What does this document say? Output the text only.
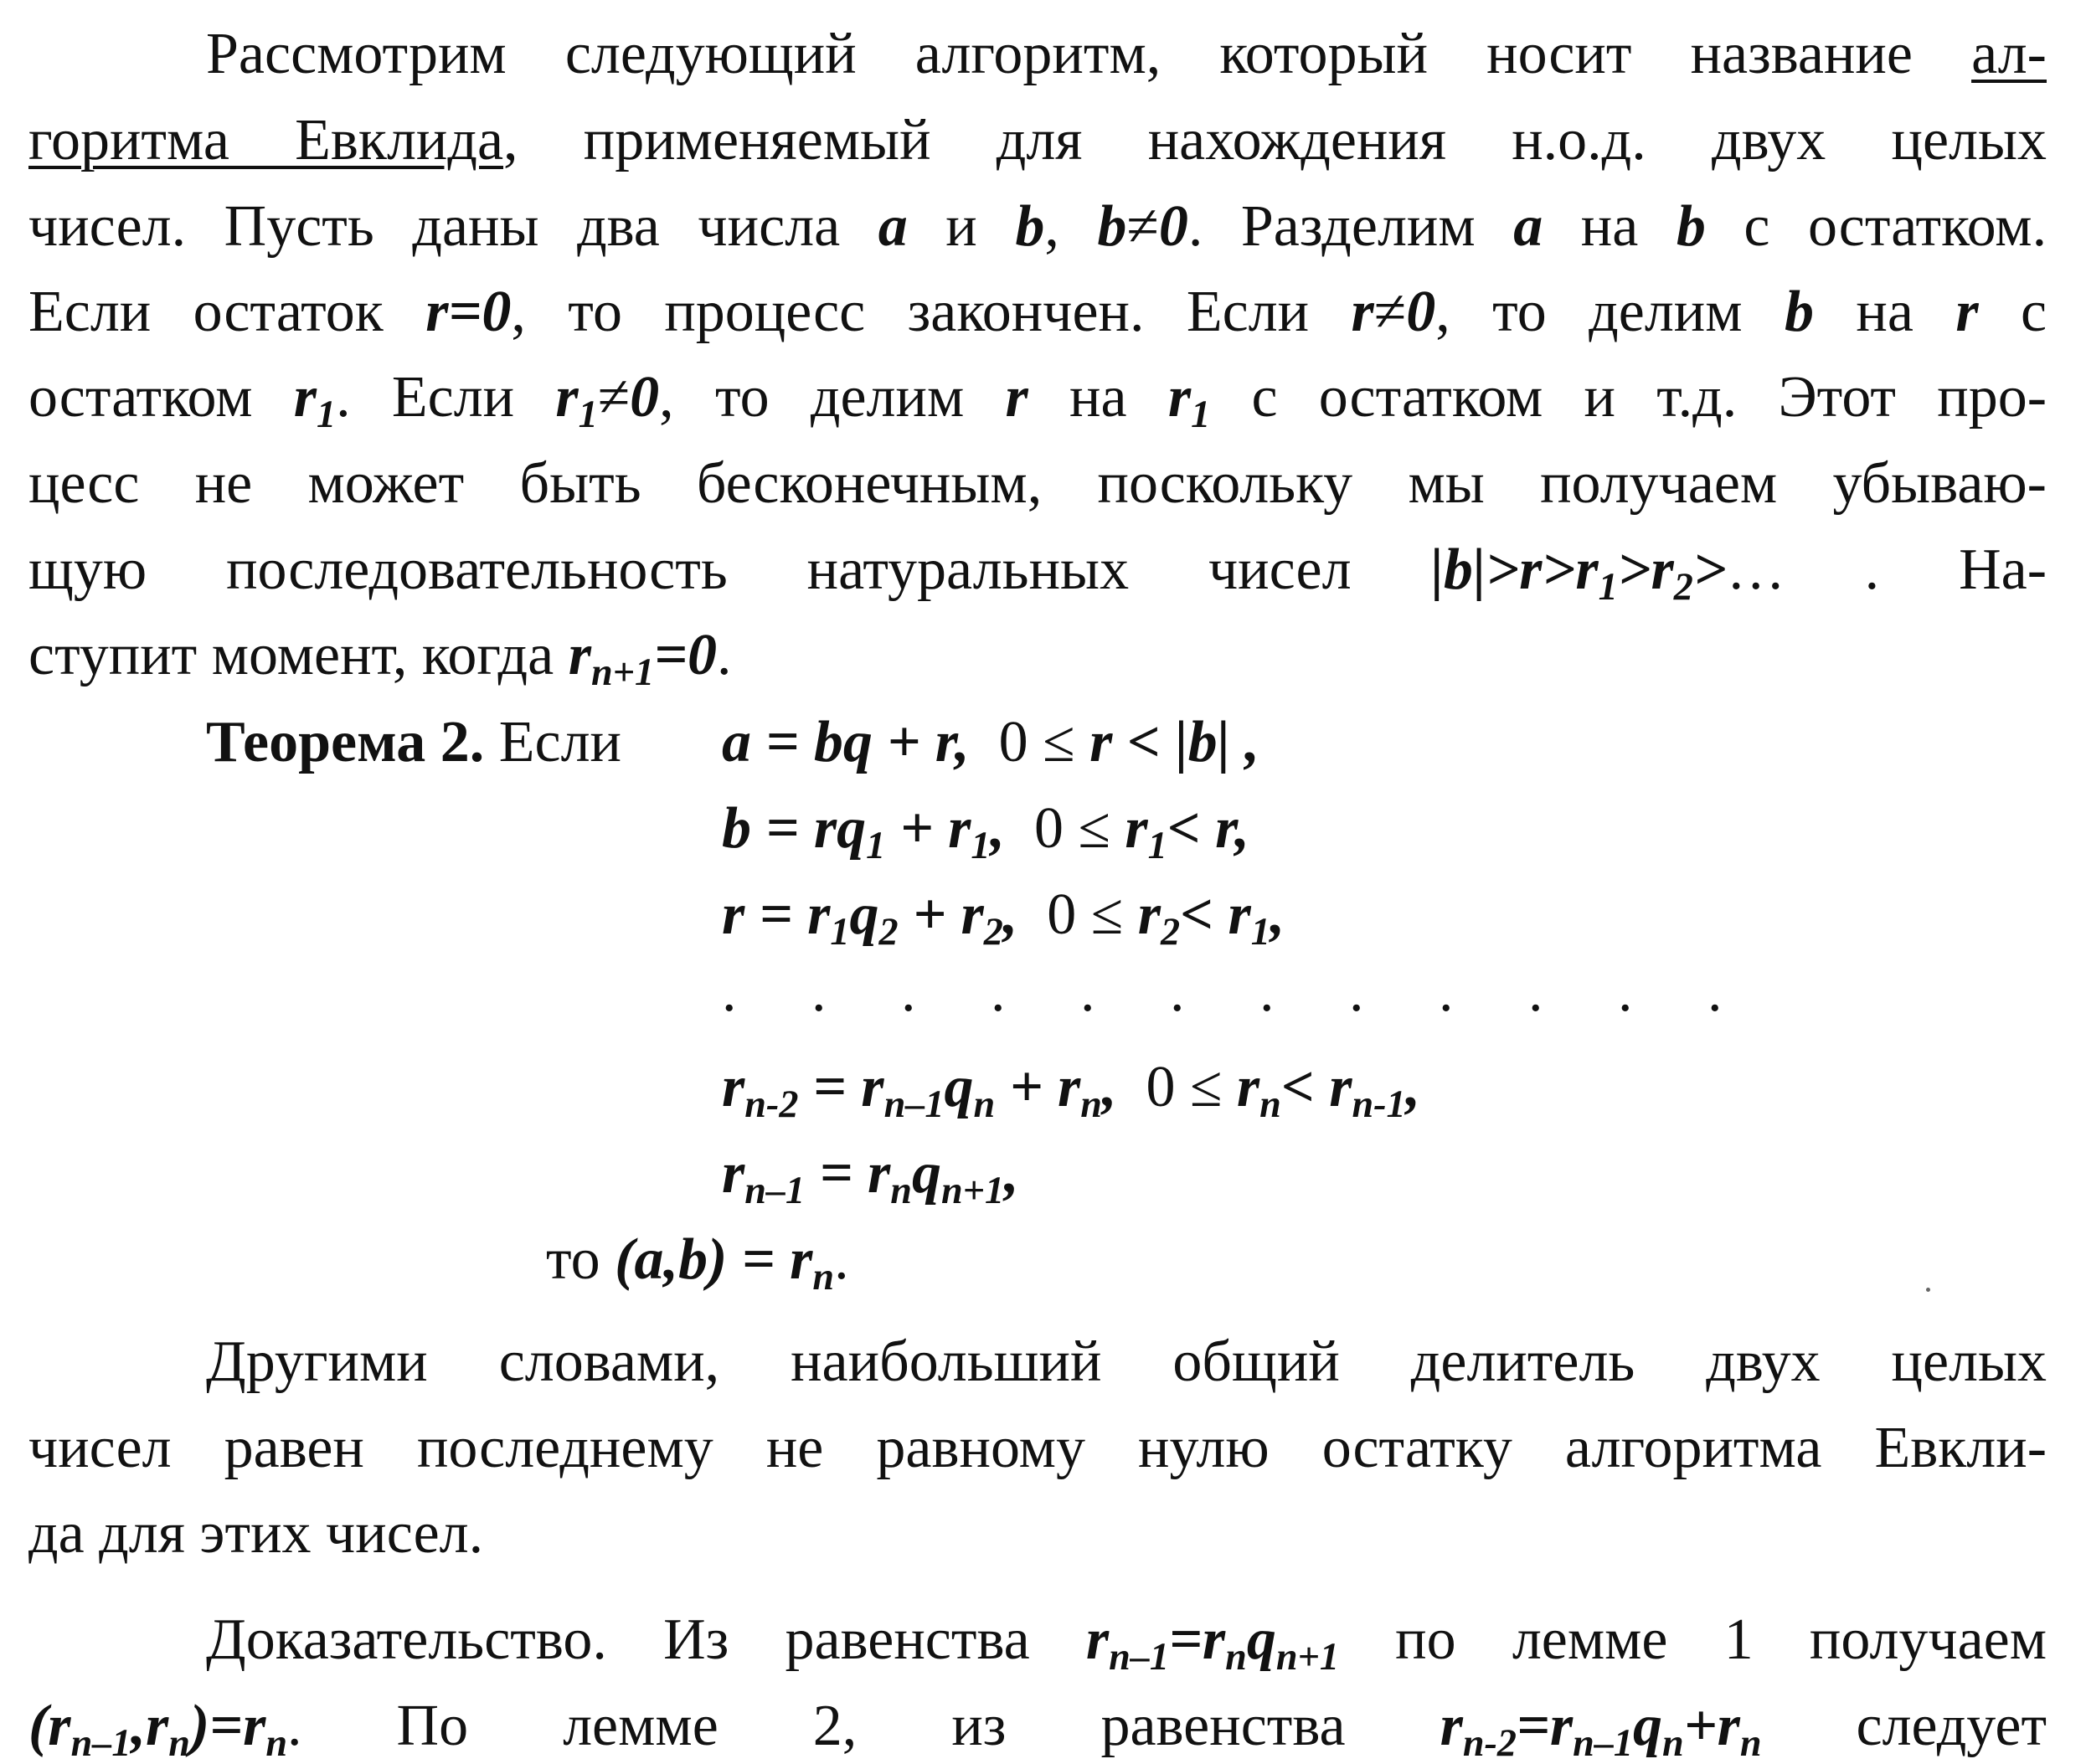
Рассмотрим следующий алгоритм, который носит название ал-
горитма Евклида, применяемый для нахождения н.о.д. двух целых
чисел. Пусть даны два числа a и b, b≠0. Разделим a на b с остатком.
Если остаток r=0, то процесс закончен. Если r≠0, то делим b на r с
остатком $r_1$. Если $r_1\ne 0$, то делим r на $r_1$ с остатком и т.д. Этот про-
цесс не может быть бесконечным, поскольку мы получаем убываю-
щую последовательность натуральных чисел $|b|>r>r_1>r_2>\dots$ . На-
ступит момент, когда $r_{n+1}=0$.
Теорема 2. Если a = bq + r,  0 ≤ r < |b| ,
$b = rq_1 + r_1$,  $0 \le r_1< r$,
$r = r_1q_2 + r_2$,  $0 \le r_2< r_1$,
. . . . . . . . . . . .
$r_{n-2} = r_{n-1}q_n + r_n$,  $0 \le r_n< r_{n-1}$,
$r_{n-1} = r_nq_{n+1}$,
то $(a,b) = r_n$.
Другими словами, наибольший общий делитель двух целых
чисел равен последнему не равному нулю остатку алгоритма Евкли-
да для этих чисел.
Доказательство. Из равенства $r_{n-1}=r_nq_{n+1}$ по лемме 1 получаем
$(r_{n-1},r_n)=r_n$. По лемме 2, из равенства $r_{n-2}=r_{n-1}q_n+r_n$ следует
